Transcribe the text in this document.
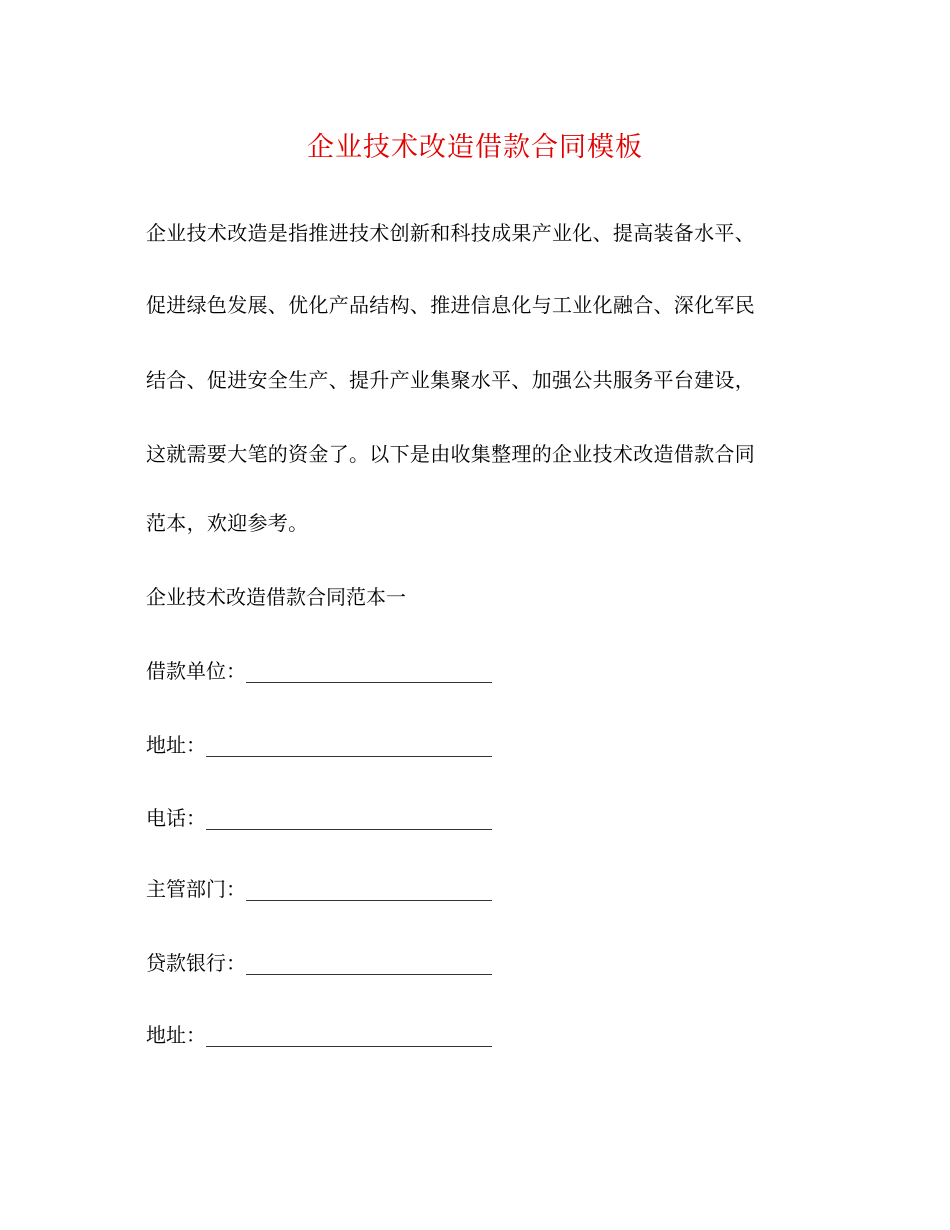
企业技术改造借款合同模板
企业技术改造是指推进技术创新和科技成果产业化、提高装备水平、
促进绿色发展、优化产品结构、推进信息化与工业化融合、深化军民
结合、促进安全生产、提升产业集聚水平、加强公共服务平台建设，
这就需要大笔的资金了。以下是由收集整理的企业技术改造借款合同
范本，欢迎参考。
企业技术改造借款合同范本一
借款单位：
地址：
电话：
主管部门：
贷款银行：
地址：
